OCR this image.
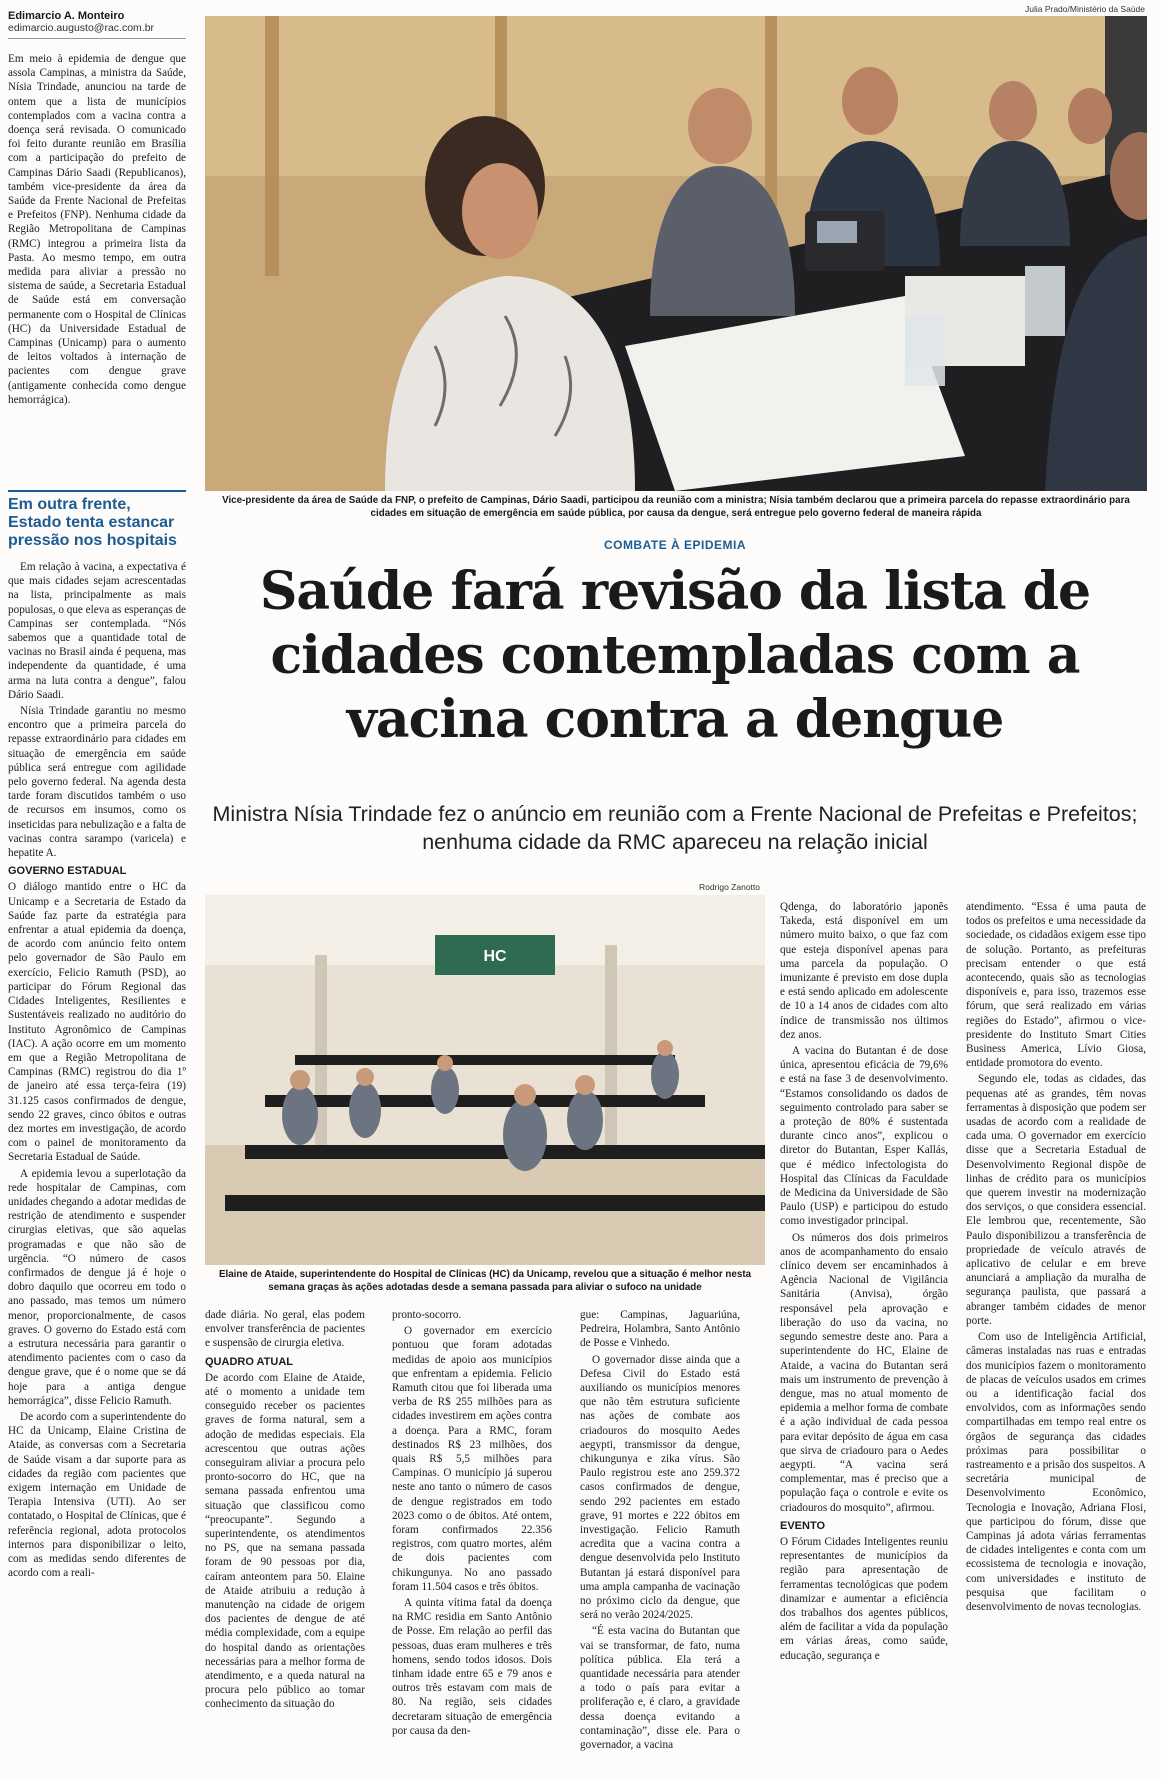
Edimarcio A. Monteiro
edimarcio.augusto@rac.com.br

Em meio à epidemia de dengue que assola Campinas, a ministra da Saúde, Nísia Trindade, anunciou na tarde de ontem que a lista de municípios contemplados com a vacina contra a doença será revisada. O comunicado foi feito durante reunião em Brasília com a participação do prefeito de Campinas Dário Saadi (Republicanos), também vice-presidente da área da Saúde da Frente Nacional de Prefeitas e Prefeitos (FNP). Nenhuma cidade da Região Metropolitana de Campinas (RMC) integrou a primeira lista da Pasta. Ao mesmo tempo, em outra medida para aliviar a pressão no sistema de saúde, a Secretaria Estadual de Saúde está em conversação permanente com o Hospital de Clínicas (HC) da Universidade Estadual de Campinas (Unicamp) para o aumento de leitos voltados à internação de pacientes com dengue grave (antigamente conhecida como dengue hemorrágica).

Em outra frente, Estado tenta estancar pressão nos hospitais

Em relação à vacina, a expectativa é que mais cidades sejam acrescentadas na lista, principalmente as mais populosas, o que eleva as esperanças de Campinas ser contemplada. “Nós sabemos que a quantidade total de vacinas no Brasil ainda é pequena, mas independente da quantidade, é uma arma na luta contra a dengue”, falou Dário Saadi.

Nísia Trindade garantiu no mesmo encontro que a primeira parcela do repasse extraordinário para cidades em situação de emergência em saúde pública será entregue com agilidade pelo governo federal. Na agenda desta tarde foram discutidos também o uso de recursos em insumos, como os inseticidas para nebulização e a falta de vacinas contra sarampo (varicela) e hepatite A.

GOVERNO ESTADUAL

O diálogo mantido entre o HC da Unicamp e a Secretaria de Estado da Saúde faz parte da estratégia para enfrentar a atual epidemia da doença, de acordo com anúncio feito ontem pelo governador de São Paulo em exercício, Felicio Ramuth (PSD), ao participar do Fórum Regional das Cidades Inteligentes, Resilientes e Sustentáveis realizado no auditório do Instituto Agronômico de Campinas (IAC). A ação ocorre em um momento em que a Região Metropolitana de Campinas (RMC) registrou do dia 1º de janeiro até essa terça-feira (19) 31.125 casos confirmados de dengue, sendo 22 graves, cinco óbitos e outras dez mortes em investigação, de acordo com o painel de monitoramento da Secretaria Estadual de Saúde.

A epidemia levou a superlotação da rede hospitalar de Campinas, com unidades chegando a adotar medidas de restrição de atendimento e suspender cirurgias eletivas, que são aquelas programadas e que não são de urgência. “O número de casos confirmados de dengue já é hoje o dobro daquilo que ocorreu em todo o ano passado, mas temos um número menor, proporcionalmente, de casos graves. O governo do Estado está com a estrutura necessária para garantir o atendimento pacientes com o caso da dengue grave, que é o nome que se dá hoje para a antiga dengue hemorrágica”, disse Felicio Ramuth.

De acordo com a superintendente do HC da Unicamp, Elaine Cristina de Ataide, as conversas com a Secretaria de Saúde visam a dar suporte para as cidades da região com pacientes que exigem internação em Unidade de Terapia Intensiva (UTI). Ao ser contatado, o Hospital de Clínicas, que é referência regional, adota protocolos internos para disponibilizar o leito, com as medidas sendo diferentes de acordo com a reali-

Julia Prado/Ministério da Saúde
Vice-presidente da área de Saúde da FNP, o prefeito de Campinas, Dário Saadi, participou da reunião com a ministra; Nísia também declarou que a primeira parcela do repasse extraordinário para cidades em situação de emergência em saúde pública, por causa da dengue, será entregue pelo governo federal de maneira rápida
COMBATE À EPIDEMIA
Saúde fará revisão da lista de cidades contempladas com a vacina contra a dengue
Ministra Nísia Trindade fez o anúncio em reunião com a Frente Nacional de Prefeitas e Prefeitos; nenhuma cidade da RMC apareceu na relação inicial
Rodrigo Zanotto
HC
Elaine de Ataide, superintendente do Hospital de Clínicas (HC) da Unicamp, revelou que a situação é melhor nesta semana graças às ações adotadas desde a semana passada para aliviar o sufoco na unidade

dade diária. No geral, elas podem envolver transferência de pacientes e suspensão de cirurgia eletiva.

QUADRO ATUAL

De acordo com Elaine de Ataide, até o momento a unidade tem conseguido receber os pacientes graves de forma natural, sem a adoção de medidas especiais. Ela acrescentou que outras ações conseguiram aliviar a procura pelo pronto-socorro do HC, que na semana passada enfrentou uma situação que classificou como “preocupante”. Segundo a superintendente, os atendimentos no PS, que na semana passada foram de 90 pessoas por dia, caíram anteontem para 50. Elaine de Ataide atribuiu a redução à manutenção na cidade de origem dos pacientes de dengue de até média complexidade, com a equipe do hospital dando as orientações necessárias para a melhor forma de atendimento, e a queda natural na procura pelo público ao tomar conhecimento da situação do

pronto-socorro.

O governador em exercício pontuou que foram adotadas medidas de apoio aos municípios que enfrentam a epidemia. Felicio Ramuth citou que foi liberada uma verba de R$ 255 milhões para as cidades investirem em ações contra a doença. Para a RMC, foram destinados R$ 23 milhões, dos quais R$ 5,5 milhões para Campinas. O município já superou neste ano tanto o número de casos de dengue registrados em todo 2023 como o de óbitos. Até ontem, foram confirmados 22.356 registros, com quatro mortes, além de dois pacientes com chikungunya. No ano passado foram 11.504 casos e três óbitos.

A quinta vítima fatal da doença na RMC residia em Santo Antônio de Posse. Em relação ao perfil das pessoas, duas eram mulheres e três homens, sendo todos idosos. Dois tinham idade entre 65 e 79 anos e outros três estavam com mais de 80. Na região, seis cidades decretaram situação de emergência por causa da den-

gue: Campinas, Jaguariúna, Pedreira, Holambra, Santo Antônio de Posse e Vinhedo.

O governador disse ainda que a Defesa Civil do Estado está auxiliando os municípios menores que não têm estrutura suficiente nas ações de combate aos criadouros do mosquito Aedes aegypti, transmissor da dengue, chikungunya e zika vírus. São Paulo registrou este ano 259.372 casos confirmados de dengue, sendo 292 pacientes em estado grave, 91 mortes e 222 óbitos em investigação. Felicio Ramuth acredita que a vacina contra a dengue desenvolvida pelo Instituto Butantan já estará disponível para uma ampla campanha de vacinação no próximo ciclo da dengue, que será no verão 2024/2025.

“É esta vacina do Butantan que vai se transformar, de fato, numa política pública. Ela terá a quantidade necessária para atender a todo o país para evitar a proliferação e, é claro, a gravidade dessa doença evitando a contaminação”, disse ele. Para o governador, a vacina

Qdenga, do laboratório japonês Takeda, está disponível em um número muito baixo, o que faz com que esteja disponível apenas para uma parcela da população. O imunizante é previsto em dose dupla e está sendo aplicado em adolescente de 10 a 14 anos de cidades com alto índice de transmissão nos últimos dez anos.

A vacina do Butantan é de dose única, apresentou eficácia de 79,6% e está na fase 3 de desenvolvimento. “Estamos consolidando os dados de seguimento controlado para saber se a proteção de 80% é sustentada durante cinco anos”, explicou o diretor do Butantan, Esper Kallás, que é médico infectologista do Hospital das Clínicas da Faculdade de Medicina da Universidade de São Paulo (USP) e participou do estudo como investigador principal.

Os números dos dois primeiros anos de acompanhamento do ensaio clínico devem ser encaminhados à Agência Nacional de Vigilância Sanitária (Anvisa), órgão responsável pela aprovação e liberação do uso da vacina, no segundo semestre deste ano. Para a superintendente do HC, Elaine de Ataide, a vacina do Butantan será mais um instrumento de prevenção à dengue, mas no atual momento de epidemia a melhor forma de combate é a ação individual de cada pessoa para evitar depósito de água em casa que sirva de criadouro para o Aedes aegypti. “A vacina será complementar, mas é preciso que a população faça o controle e evite os criadouros do mosquito”, afirmou.

EVENTO

O Fórum Cidades Inteligentes reuniu representantes de municípios da região para apresentação de ferramentas tecnológicas que podem dinamizar e aumentar a eficiência dos trabalhos dos agentes públicos, além de facilitar a vida da população em várias áreas, como saúde, educação, segurança e

atendimento. “Essa é uma pauta de todos os prefeitos e uma necessidade da sociedade, os cidadãos exigem esse tipo de solução. Portanto, as prefeituras precisam entender o que está acontecendo, quais são as tecnologias disponíveis e, para isso, trazemos esse fórum, que será realizado em várias regiões do Estado”, afirmou o vice-presidente do Instituto Smart Cities Business America, Lívio Giosa, entidade promotora do evento.

Segundo ele, todas as cidades, das pequenas até as grandes, têm novas ferramentas à disposição que podem ser usadas de acordo com a realidade de cada uma. O governador em exercício disse que a Secretaria Estadual de Desenvolvimento Regional dispõe de linhas de crédito para os municípios que querem investir na modernização dos serviços, o que considera essencial. Ele lembrou que, recentemente, São Paulo disponibilizou a transferência de propriedade de veículo através de aplicativo de celular e em breve anunciará a ampliação da muralha de segurança paulista, que passará a abranger também cidades de menor porte.

Com uso de Inteligência Artificial, câmeras instaladas nas ruas e entradas dos municípios fazem o monitoramento de placas de veículos usados em crimes ou a identificação facial dos envolvidos, com as informações sendo compartilhadas em tempo real entre os órgãos de segurança das cidades próximas para possibilitar o rastreamento e a prisão dos suspeitos. A secretária municipal de Desenvolvimento Econômico, Tecnologia e Inovação, Adriana Flosi, que participou do fórum, disse que Campinas já adota várias ferramentas de cidades inteligentes e conta com um ecossistema de tecnologia e inovação, com universidades e instituto de pesquisa que facilitam o desenvolvimento de novas tecnologias.
